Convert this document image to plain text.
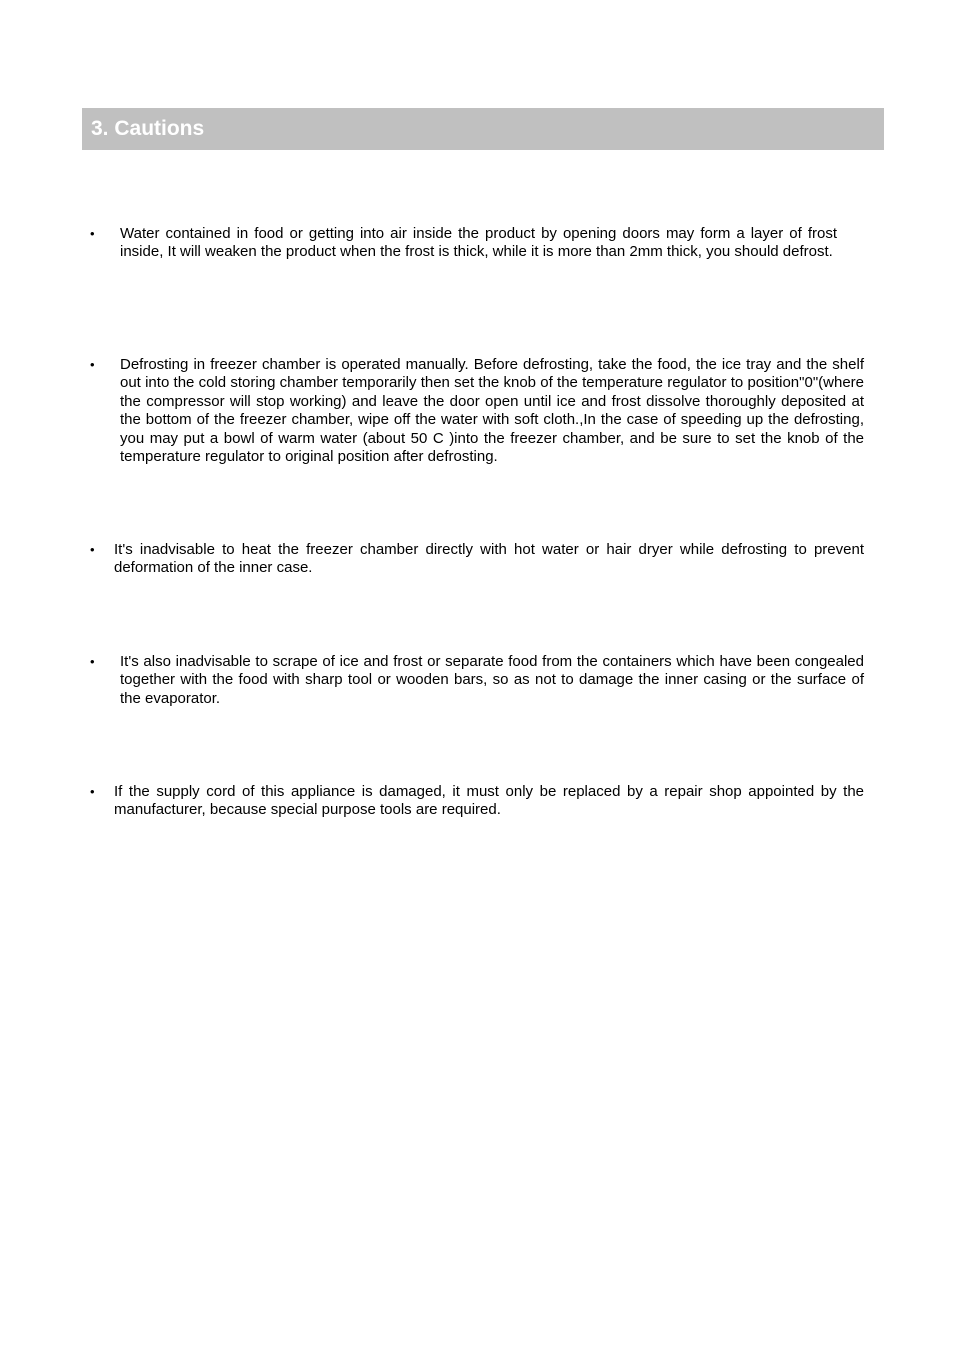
3. Cautions
• Water contained in food or getting into air inside the product by opening doors may form a layer of frost inside, It will weaken the product when the frost is thick, while it is more than 2mm thick, you should defrost.
• Defrosting in freezer chamber is operated manually. Before defrosting, take the food, the ice tray and the shelf out into the cold storing chamber temporarily then set the knob of the temperature regulator to position"0"(where the compressor will stop working) and leave the door open until ice and frost dissolve thoroughly deposited at the bottom of the freezer chamber, wipe off the water with soft cloth.,In the case of speeding up the defrosting, you may put a bowl of warm water (about 50 C )into the freezer chamber, and be sure to set the knob of the temperature regulator to original position after defrosting.
• It's inadvisable to heat the freezer chamber directly with hot water or hair dryer while defrosting to prevent deformation of the inner case.
• It's also inadvisable to scrape of ice and frost or separate food from the containers which have been congealed together with the food with sharp tool or wooden bars, so as not to damage the inner casing or the surface of the evaporator.
• If the supply cord of this appliance is damaged, it must only be replaced by a repair shop appointed by the manufacturer, because special purpose tools are required.
